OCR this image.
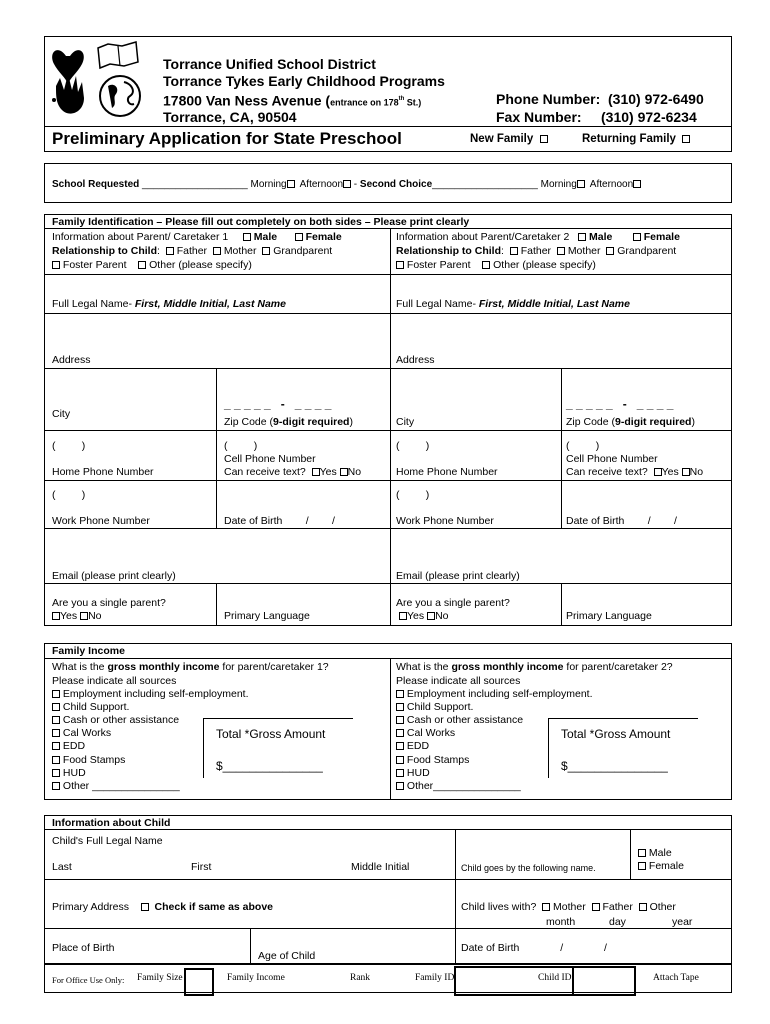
Torrance Unified School District
Torrance Tykes Early Childhood Programs
17800 Van Ness Avenue (entrance on 178th St.)
Torrance, CA, 90504
Phone Number:  (310) 972-6490
Fax Number:     (310) 972-6234
Preliminary Application for State Preschool	New Family	Returning Family
School Requested ___________________ Morning Afternoon - Second Choice___________________ Morning Afternoon
Family Identification – Please fill out completely on both sides – Please print clearly
Information about Parent/ Caretaker 1 Male	Female
Relationship to Child: Father Mother Grandparent
Foster Parent Other (please specify)
Full Legal Name- First, Middle Initial, Last Name
Address
City
_ _ _ _ _   -   _ _ _ _
Zip Code (9-digit required)
(         )
Home Phone Number
(         )
Cell Phone Number
Can receive text? Yes No
(         )
Work Phone Number	Date of Birth        /        /
Email (please print clearly)
Are you a single parent?
Yes No	Primary Language
Information about Parent/Caretaker 2 Male	Female
Relationship to Child: Father Mother Grandparent
Foster Parent Other (please specify)
Full Legal Name- First, Middle Initial, Last Name
Address
City
_ _ _ _ _   -   _ _ _ _
Zip Code (9-digit required)
(         )
Home Phone Number
(         )
Cell Phone Number
Can receive text? Yes No
(         )
Work Phone Number	Date of Birth        /        /
Email (please print clearly)
Are you a single parent?
Yes No	Primary Language
Family Income
What is the gross monthly income for parent/caretaker 1?
Please indicate all sources
Employment including self-employment.
Child Support.
Cash or other assistance
Cal Works
EDD
Food Stamps
HUD
Other _______________
Total *Gross Amount
$_______________
What is the gross monthly income for parent/caretaker 2?
Please indicate all sources
Employment including self-employment.
Child Support.
Cash or other assistance
Cal Works
EDD
Food Stamps
HUD
Other_______________
Total *Gross Amount
$_______________
Information about Child
Child's Full Legal Name
Last	First	Middle Initial	Child goes by the following name.
Male
Female
Primary Address Check if same as above	Child lives with? Mother Father Other
month	day	year
Place of Birth
Age of Child
Date of Birth              /              /
For Office Use Only: Family Size	Family Income	Rank	Family ID	Child ID	Attach Tape
